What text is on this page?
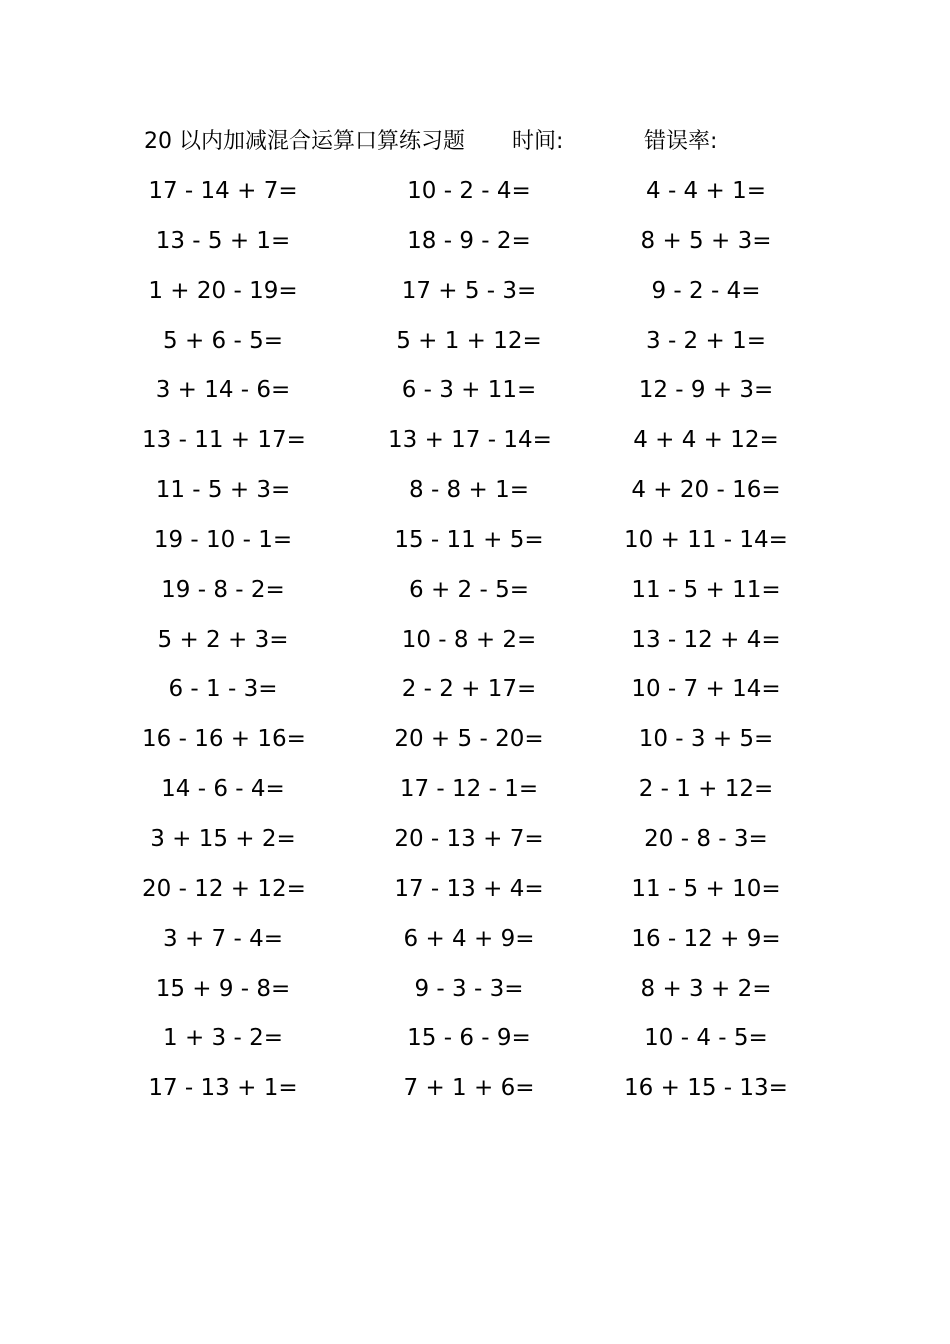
20 以内加减混合运算口算练习题 时间:	错误率:
17 - 14 + 7=	10 - 2 - 4=	4 - 4 + 1=
13 - 5 + 1=	18 - 9 - 2=	8 + 5 + 3=
1 + 20 - 19=	17 + 5 - 3=	9 - 2 - 4=
5 + 6 - 5=	5 + 1 + 12=	3 - 2 + 1=
3 + 14 - 6=	6 - 3 + 11=	12 - 9 + 3=
13 - 11 + 17=	13 + 17 - 14=	4 + 4 + 12=
11 - 5 + 3=	8 - 8 + 1=	4 + 20 - 16=
19 - 10 - 1=	15 - 11 + 5=	10 + 11 - 14=
19 - 8 - 2=	6 + 2 - 5=	11 - 5 + 11=
5 + 2 + 3=	10 - 8 + 2=	13 - 12 + 4=
6 - 1 - 3=	2 - 2 + 17=	10 - 7 + 14=
16 - 16 + 16=	20 + 5 - 20=	10 - 3 + 5=
14 - 6 - 4=	17 - 12 - 1=	2 - 1 + 12=
3 + 15 + 2=	20 - 13 + 7=	20 - 8 - 3=
20 - 12 + 12=	17 - 13 + 4=	11 - 5 + 10=
3 + 7 - 4=	6 + 4 + 9=	16 - 12 + 9=
15 + 9 - 8=	9 - 3 - 3=	8 + 3 + 2=
1 + 3 - 2=	15 - 6 - 9=	10 - 4 - 5=
17 - 13 + 1=	7 + 1 + 6=	16 + 15 - 13=
